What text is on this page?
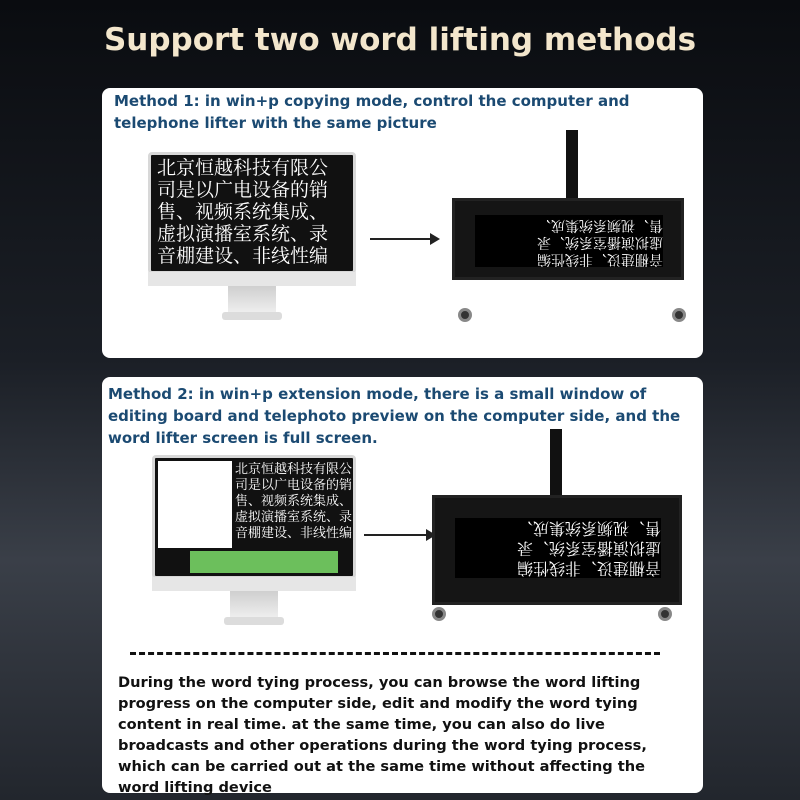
Support two word lifting methods
Method 1: in win+p copying mode, control the computer and telephone lifter with the same picture
北京恒越科技有限公
司是以广电设备的销
售、视频系统集成、
虚拟演播室系统、录
音棚建设、非线性编	音棚建设、非线性编
虚拟演播室系统、录
售、视频系统集成、
Method 2: in win+p extension mode, there is a small window of editing board and telephoto preview on the computer side, and the word lifter screen is full screen.
北京恒越科技有限公
司是以广电设备的销
售、视频系统集成、
虚拟演播室系统、录
音棚建设、非线性编
音棚建设、非线性编
虚拟演播室系统、录
售、视频系统集成、
During the word tying process, you can browse the word lifting progress on the computer side, edit and modify the word tying content in real time. at the same time, you can also do live broadcasts and other operations during the word tying process, which can be carried out at the same time without affecting the word lifting device
